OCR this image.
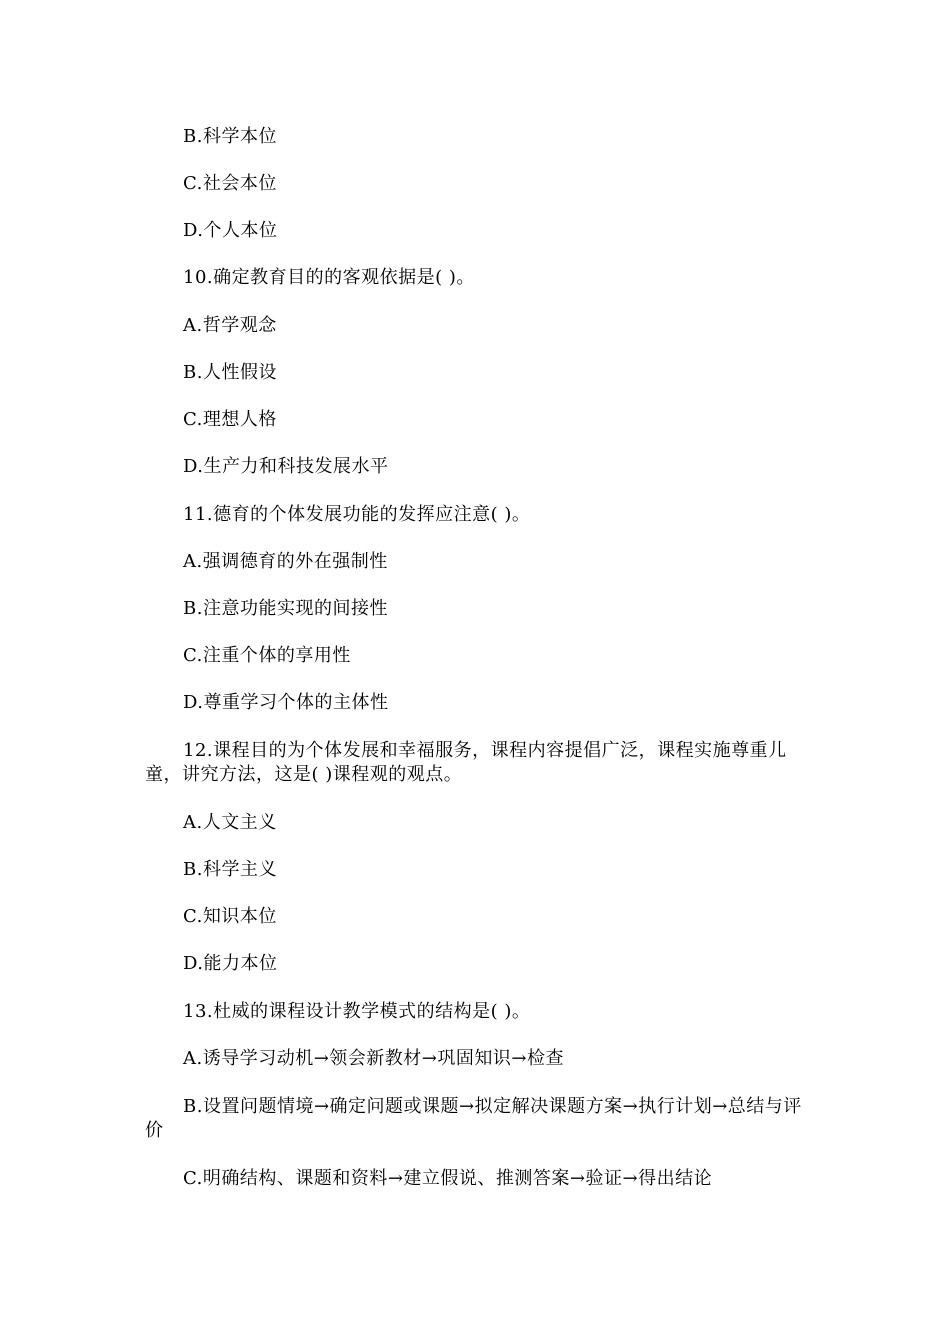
B.科学本位
C.社会本位
D.个人本位
10.确定教育目的的客观依据是( )。
A.哲学观念
B.人性假设
C.理想人格
D.生产力和科技发展水平
11.德育的个体发展功能的发挥应注意( )。
A.强调德育的外在强制性
B.注意功能实现的间接性
C.注重个体的享用性
D.尊重学习个体的主体性
12.课程目的为个体发展和幸福服务，课程内容提倡广泛，课程实施尊重儿童，讲究方法，这是( )课程观的观点。
A.人文主义
B.科学主义
C.知识本位
D.能力本位
13.杜威的课程设计教学模式的结构是( )。
A.诱导学习动机→领会新教材→巩固知识→检查
B.设置问题情境→确定问题或课题→拟定解决课题方案→执行计划→总结与评价
C.明确结构、课题和资料→建立假说、推测答案→验证→得出结论
